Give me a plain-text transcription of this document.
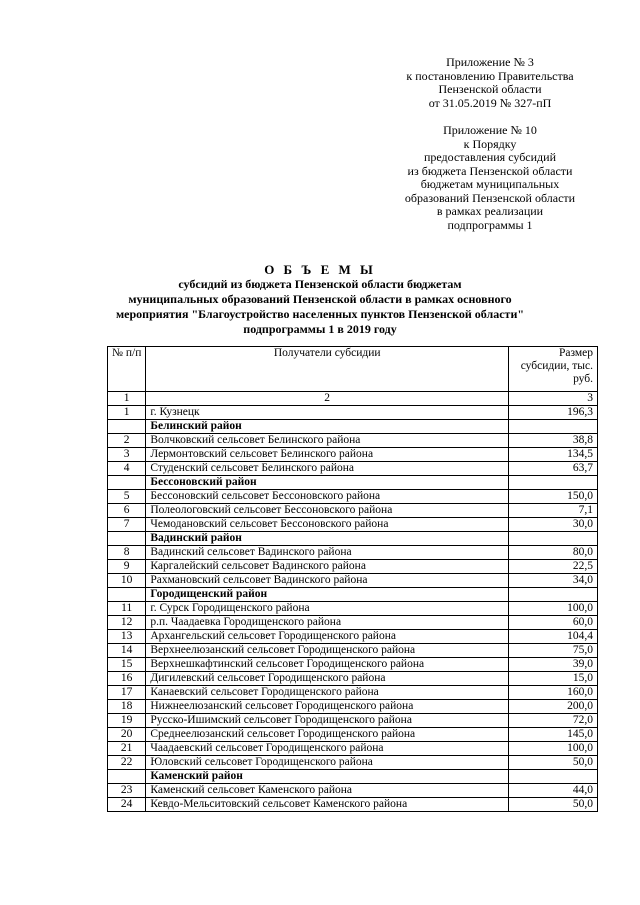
Приложение № 3
к постановлению Правительства
Пензенской области
от 31.05.2019 № 327-пП
Приложение № 10
к Порядку
предоставления субсидий
из бюджета Пензенской области
бюджетам муниципальных
образований Пензенской области
в рамках реализации
подпрограммы 1
О Б Ъ Е М Ы
субсидий из бюджета Пензенской области бюджетам
муниципальных образований Пензенской области в рамках основного
мероприятия "Благоустройство населенных пунктов Пензенской области"
подпрограммы 1 в 2019 году
№ п/п	Получатели субсидии	Размер субсидии, тыс. руб.
1	2	3
1	г. Кузнецк	196,3
	Белинский район	
2	Волчковский сельсовет Белинского района	38,8
3	Лермонтовский сельсовет Белинского района	134,5
4	Студенский сельсовет Белинского района	63,7
	Бессоновский район	
5	Бессоновский сельсовет Бессоновского района	150,0
6	Полеологовский сельсовет Бессоновского района	7,1
7	Чемодановский сельсовет Бессоновского района	30,0
	Вадинский район	
8	Вадинский сельсовет Вадинского района	80,0
9	Каргалейский сельсовет Вадинского района	22,5
10	Рахмановский сельсовет Вадинского района	34,0
	Городищенский район	
11	г. Сурск Городищенского района	100,0
12	р.п. Чаадаевка Городищенского района	60,0
13	Архангельский сельсовет Городищенского района	104,4
14	Верхнеелюзанский сельсовет Городищенского района	75,0
15	Верхнешкафтинский сельсовет Городищенского района	39,0
16	Дигилевский сельсовет Городищенского района	15,0
17	Канаевский сельсовет Городищенского района	160,0
18	Нижнеелюзанский сельсовет Городищенского района	200,0
19	Русско-Ишимский сельсовет Городищенского района	72,0
20	Среднеелюзанский сельсовет Городищенского района	145,0
21	Чаадаевский сельсовет Городищенского района	100,0
22	Юловский сельсовет Городищенского района	50,0
	Каменский район	
23	Каменский сельсовет Каменского района	44,0
24	Кевдо-Мельситовский сельсовет Каменского района	50,0
